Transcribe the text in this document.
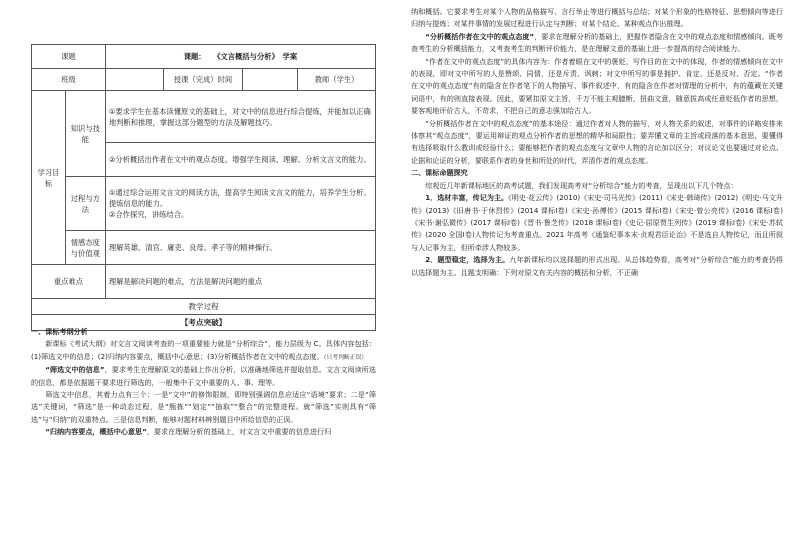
课题		课题： 《文言概括与分析》　学案			
班级			授课（完成）时间		教师（学生）
学习目标	知识与技能	①要求学生在基本读懂原文的基础上，对文中的信息进行综合提炼，并能加以正确地判断和推理，掌握这部分题型的方法及解题技巧。			
		②分析概括出作者在文中的观点态度。增强学生阅读、理解、分析文言文的能力。			
	过程与方法	①通过综合运用文言文的阅读方法，提高学生阅读文言文的能力，培养学生分析、提炼信息的能力。
②合作探究，讲练结合。			

	情感态度与价值观	理解英雄、清官、庸吏、良母、孝子等的精神操行。			
重点难点		理解是解决问题的难点，方法是解决问题的重点			
教学过程					
【考点突破】					

一、课标考纲分析

新课标《考试大纲》对文言文阅读考查的一项重要能力就是“分析综合”，能力层级为 C。具体内容包括：(1)筛选文中的信息；(2)归纳内容要点，概括中心意思；(3)分析概括作者在文中的观点态度。（只考判断正误）

“筛选文中的信息”，要求考生在理解原文的基础上作出分析，以准确地筛选并提取信息。文言文阅读所选的信息，都是依据题干要求进行筛选的，一般集中于文中重要的人、事、理等。

筛选文中信息，其着力点有三个：一是“文中”的修饰限制，即特别强调信息应适应“语境”要求；二是“筛选”关键词，“筛选”是一种动态过程，是“甄拣”“划定”“抽取”“整合”的完整进程。就“筛选”实则具有“筛选”与“归纳”的双重特点。三是信息判断，能够对题材料辨别题目中所给信息的正误。

“归纳内容要点，概括中心意思”，要求在理解分析的基础上，对文言文中重要的信息进行归

纳和概括。它要求考生对某个人物的品格描写、言行举止等进行概括与总结；对某个形象的性格特征、思想倾向等进行归纳与提炼；对某件事情的发展过程进行认定与判断；对某个结论、某种观点作出推理。

“分析概括作者在文中的观点态度”，要求在理解分析的基础上，把握作者隐含在文中的观点态度和情感倾向。既考查考生的分析概括能力，又考查考生的判断评价能力，是在理解文意的基础上进一步提高的综合阅读能力。

“作者在文中的观点态度”的具体内容为：作者着眼在文中的褒贬，写作目的在文中的体现，作者的情感倾向在文中的表现，即对文中所写的人是赞颂、同情，还是斥责、讽刺；对文中所写的事是拥护、肯定，还是反对、否定。“作者在文中的观点态度”有的隐含在作者笔下的人物描写、事件叙述中，有的隐含在作者对情理的分析中，有的蕴藏在关键词语中，有的则直接表现。因此，要紧扣原文主旨，千万不能主观臆断，扭曲文意，随意拔高或任意贬低作者的思想，要客观地评价古人，不苛求，不把自己的意志强加给古人。

“分析概括作者在文中的观点态度”的基本途径：通过作者对人物的描写，对人物关系的叙述，对事件的详略安排来体察其“观点态度”，要运用辩证的观点分析作者的思想的精华和局限性；要弄懂文章的主旨或段落的基本意思，要懂得有选择吸取什么教训或经验什么；要能够把作者的观点态度与文章中人物的言论加以区分；对议论文也要通过对论点、论据和论证的分析，要联系作者的身世和所处的时代，弄清作者的观点态度。

二、课标命题探究

综观近几年新课标地区的高考试题，我们发现高考对“分析综合”能力的考查，呈现出以下几个特点：

1．选材丰富，传记为主。《明史·花云传》(2010)《宋史·司马光传》(2011)《宋史·韩琦传》(2012)《明史·马文升传》(2013)《旧唐书·于休烈传》(2014 课标Ⅰ卷)《宋史·孙傅传》(2015 课标Ⅰ卷)《宋史·曾公亮传》(2016 课标Ⅰ卷)《宋书·谢弘微传》(2017 课标Ⅰ卷)《晋书·鲁芝传》(2018 课标Ⅰ卷)《史记·屈原贾生列传》(2019 课标Ⅰ卷)《宋史·苏轼传》(2020 全国Ⅰ卷)人物传记为考查重点。2021 年高考《通鉴纪事本末·贞观君臣论治》不是选自人物传记，而且所叙与人记事为主，但所牵涉人物较多。

2．题型稳定，选择为主。九年新课标均以选择题的形式出现。从总体趋势看，高考对“分析综合”能力的考查仍将以选择题为主。且题支明确：下列对原文有关内容的概括和分析，不正确
